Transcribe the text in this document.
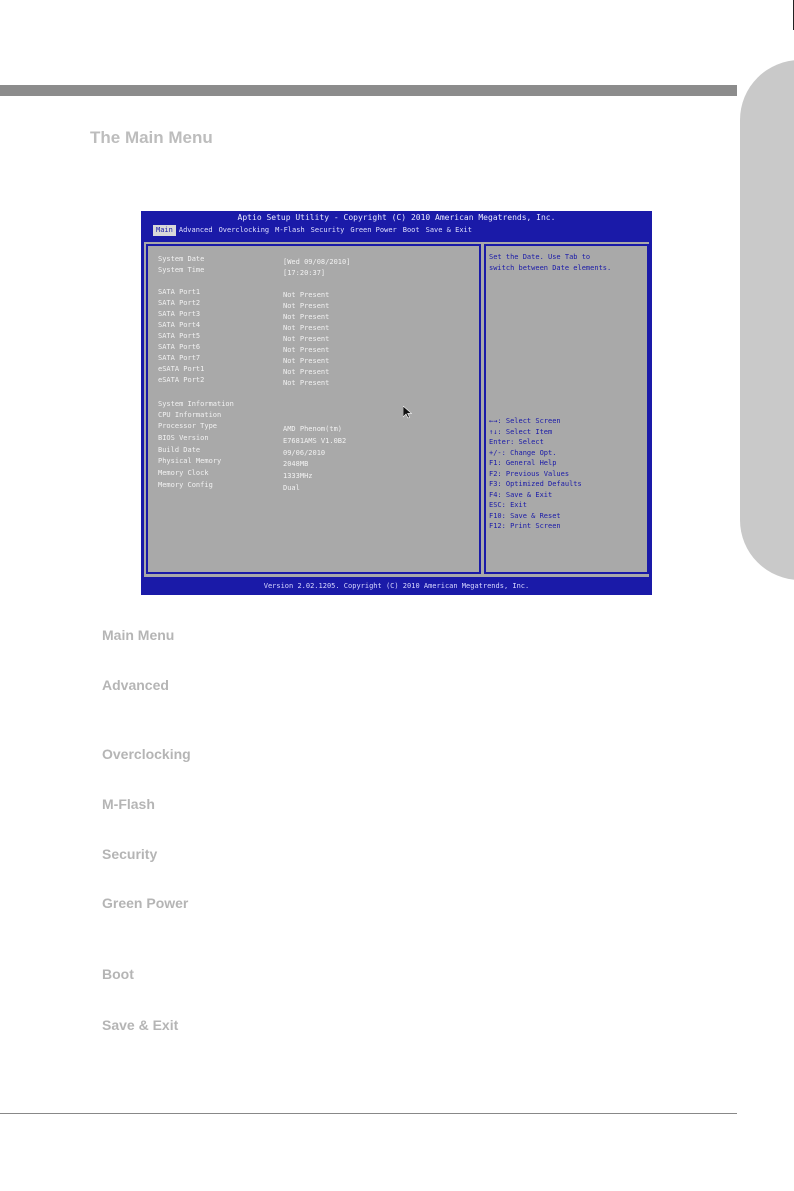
The Main Menu
Aptio Setup Utility - Copyright (C) 2010 American Megatrends, Inc.
Main Advanced Overclocking M-Flash Security Green Power Boot Save & Exit
System Date	[Wed 09/08/2010]
System Time	[17:20:37]
SATA Port1	Not Present
SATA Port2	Not Present
SATA Port3	Not Present
SATA Port4	Not Present
SATA Port5	Not Present
SATA Port6	Not Present
SATA Port7	Not Present
eSATA Port1	Not Present
eSATA Port2	Not Present
System Information
CPU Information
Processor Type	AMD Phenom(tm)
BIOS Version	E7681AMS V1.0B2
Build Date	09/06/2010
Physical Memory	2048MB
Memory Clock	1333MHz
Memory Config	Dual
Set the Date. Use Tab to
switch between Date elements.
←→: Select Screen
↑↓: Select Item
Enter: Select
+/-: Change Opt.
F1: General Help
F2: Previous Values
F3: Optimized Defaults
F4: Save & Exit
ESC: Exit
F10: Save & Reset
F12: Print Screen
Version 2.02.1205. Copyright (C) 2010 American Megatrends, Inc.
Main Menu
Advanced
Overclocking
M-Flash
Security
Green Power
Boot
Save & Exit
